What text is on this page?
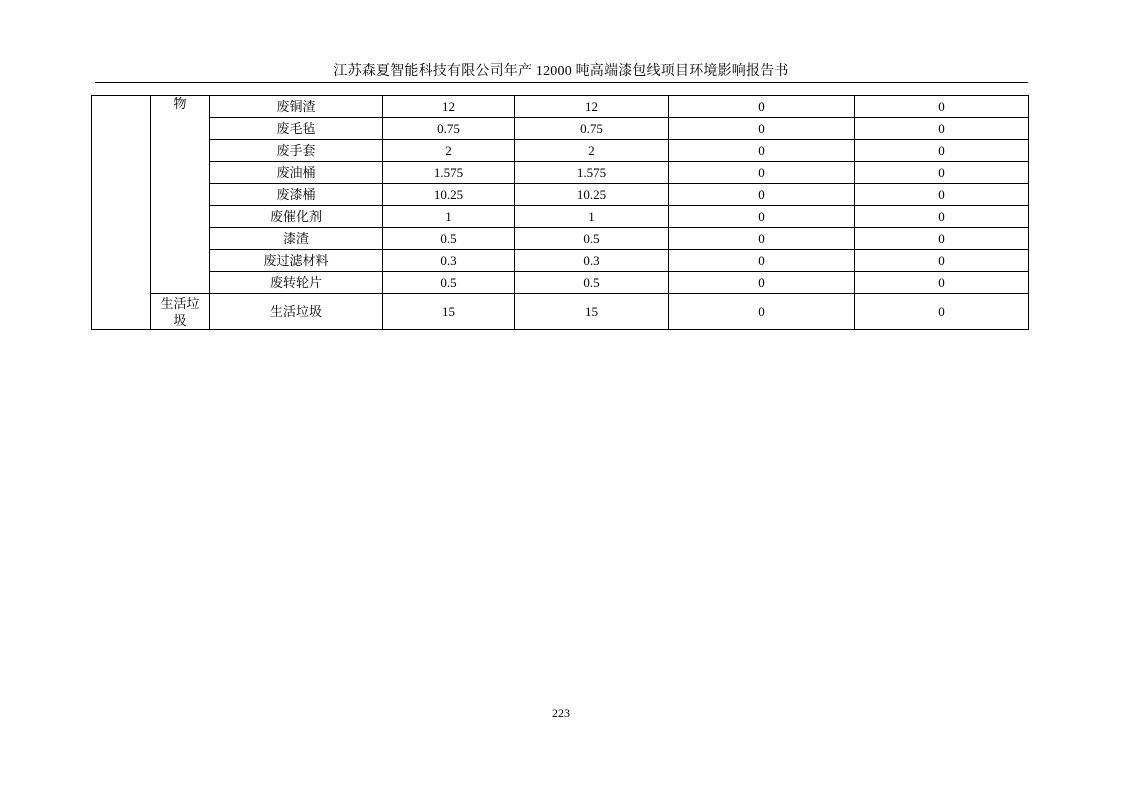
江苏森夏智能科技有限公司年产 12000 吨高端漆包线项目环境影响报告书
	物	废铜渣	12	12	0	0
		废毛毡	0.75	0.75	0	0
		废手套	2	2	0	0
		废油桶	1.575	1.575	0	0
		废漆桶	10.25	10.25	0	0
		废催化剂	1	1	0	0
		漆渣	0.5	0.5	0	0
		废过滤材料	0.3	0.3	0	0
		废转轮片	0.5	0.5	0	0

	生活垃圾	生活垃圾	15	15	0	0
223
